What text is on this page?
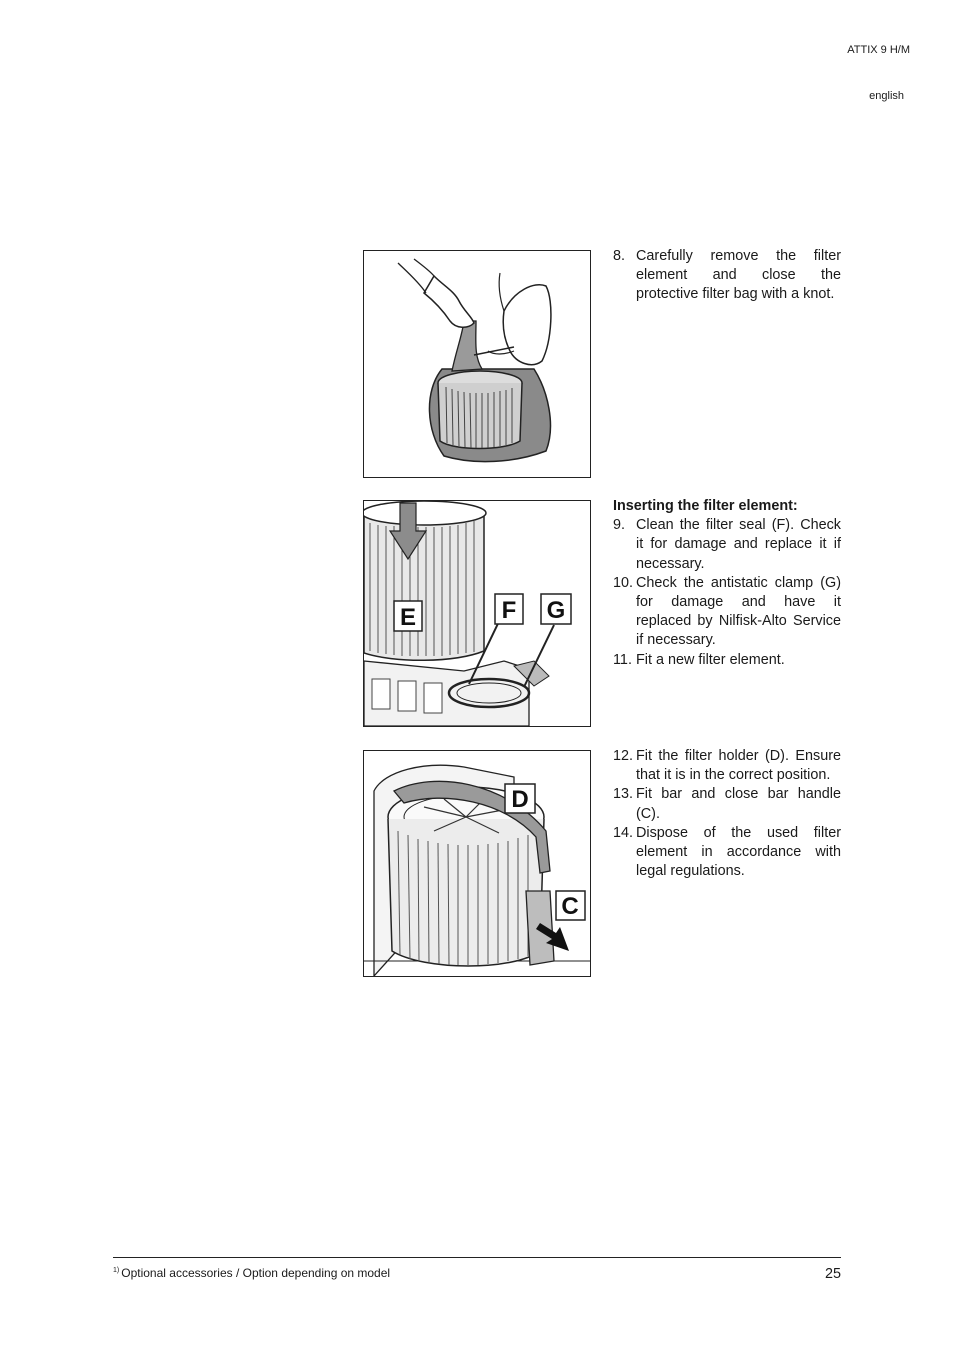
ATTIX 9 H/M
english
E	F G
D
C
8. Carefully remove the filter element and close the protective filter bag with a knot.
Inserting the filter element:
9. Clean the filter seal (F). Check it for damage and replace it if necessary.
10. Check the antistatic clamp (G) for damage and have it replaced by Nilfisk-Alto Service if necessary.
11. Fit a new filter element.
12. Fit the filter holder (D). Ensure that it is in the correct position.
13. Fit bar and close bar handle (C).
14. Dispose of the used filter element in accordance with legal regulations.
$^{1)}$ Optional accessories / Option depending on model	25
